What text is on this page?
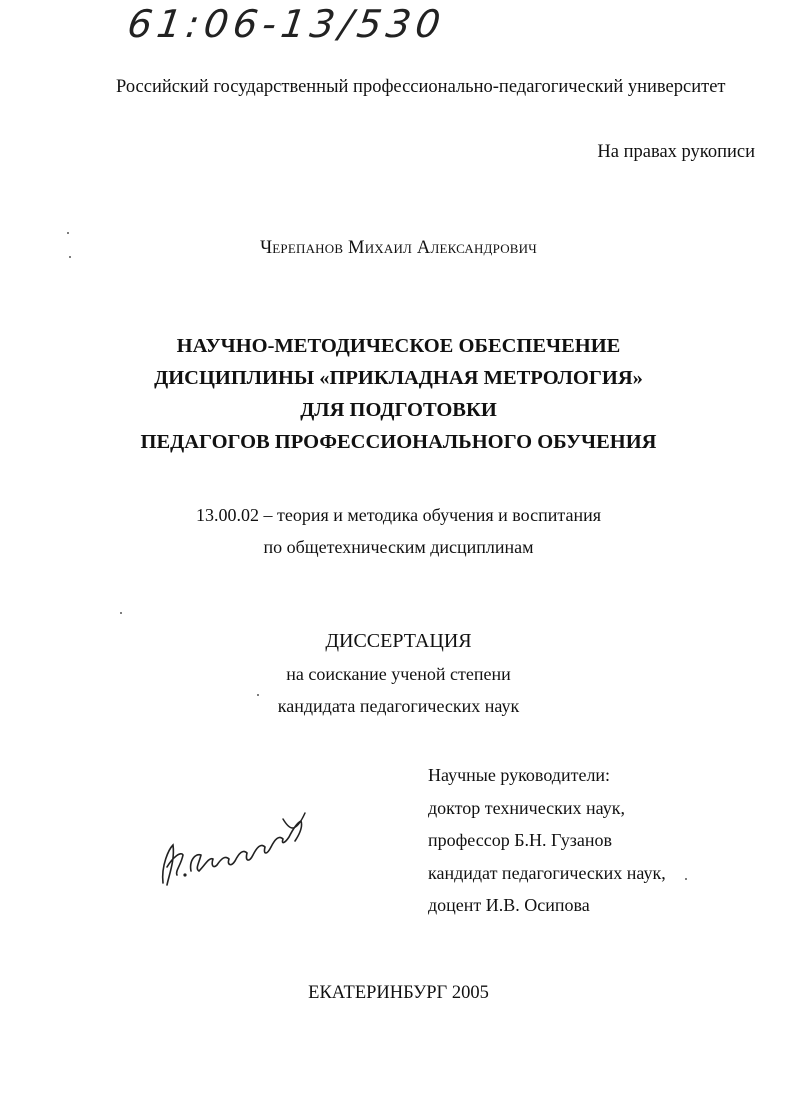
61:06-13/530
Российский государственный профессионально-педагогический университет
На правах рукописи
Черепанов Михаил Александрович
НАУЧНО-МЕТОДИЧЕСКОЕ ОБЕСПЕЧЕНИЕ
ДИСЦИПЛИНЫ «ПРИКЛАДНАЯ МЕТРОЛОГИЯ»
ДЛЯ ПОДГОТОВКИ
ПЕДАГОГОВ ПРОФЕССИОНАЛЬНОГО ОБУЧЕНИЯ
13.00.02 – теория и методика обучения и воспитания
по общетехническим дисциплинам
ДИССЕРТАЦИЯ
на соискание ученой степени
кандидата педагогических наук
Научные руководители:
доктор технических наук,
профессор Б.Н. Гузанов
кандидат педагогических наук,
доцент И.В. Осипова
ЕКАТЕРИНБУРГ 2005
